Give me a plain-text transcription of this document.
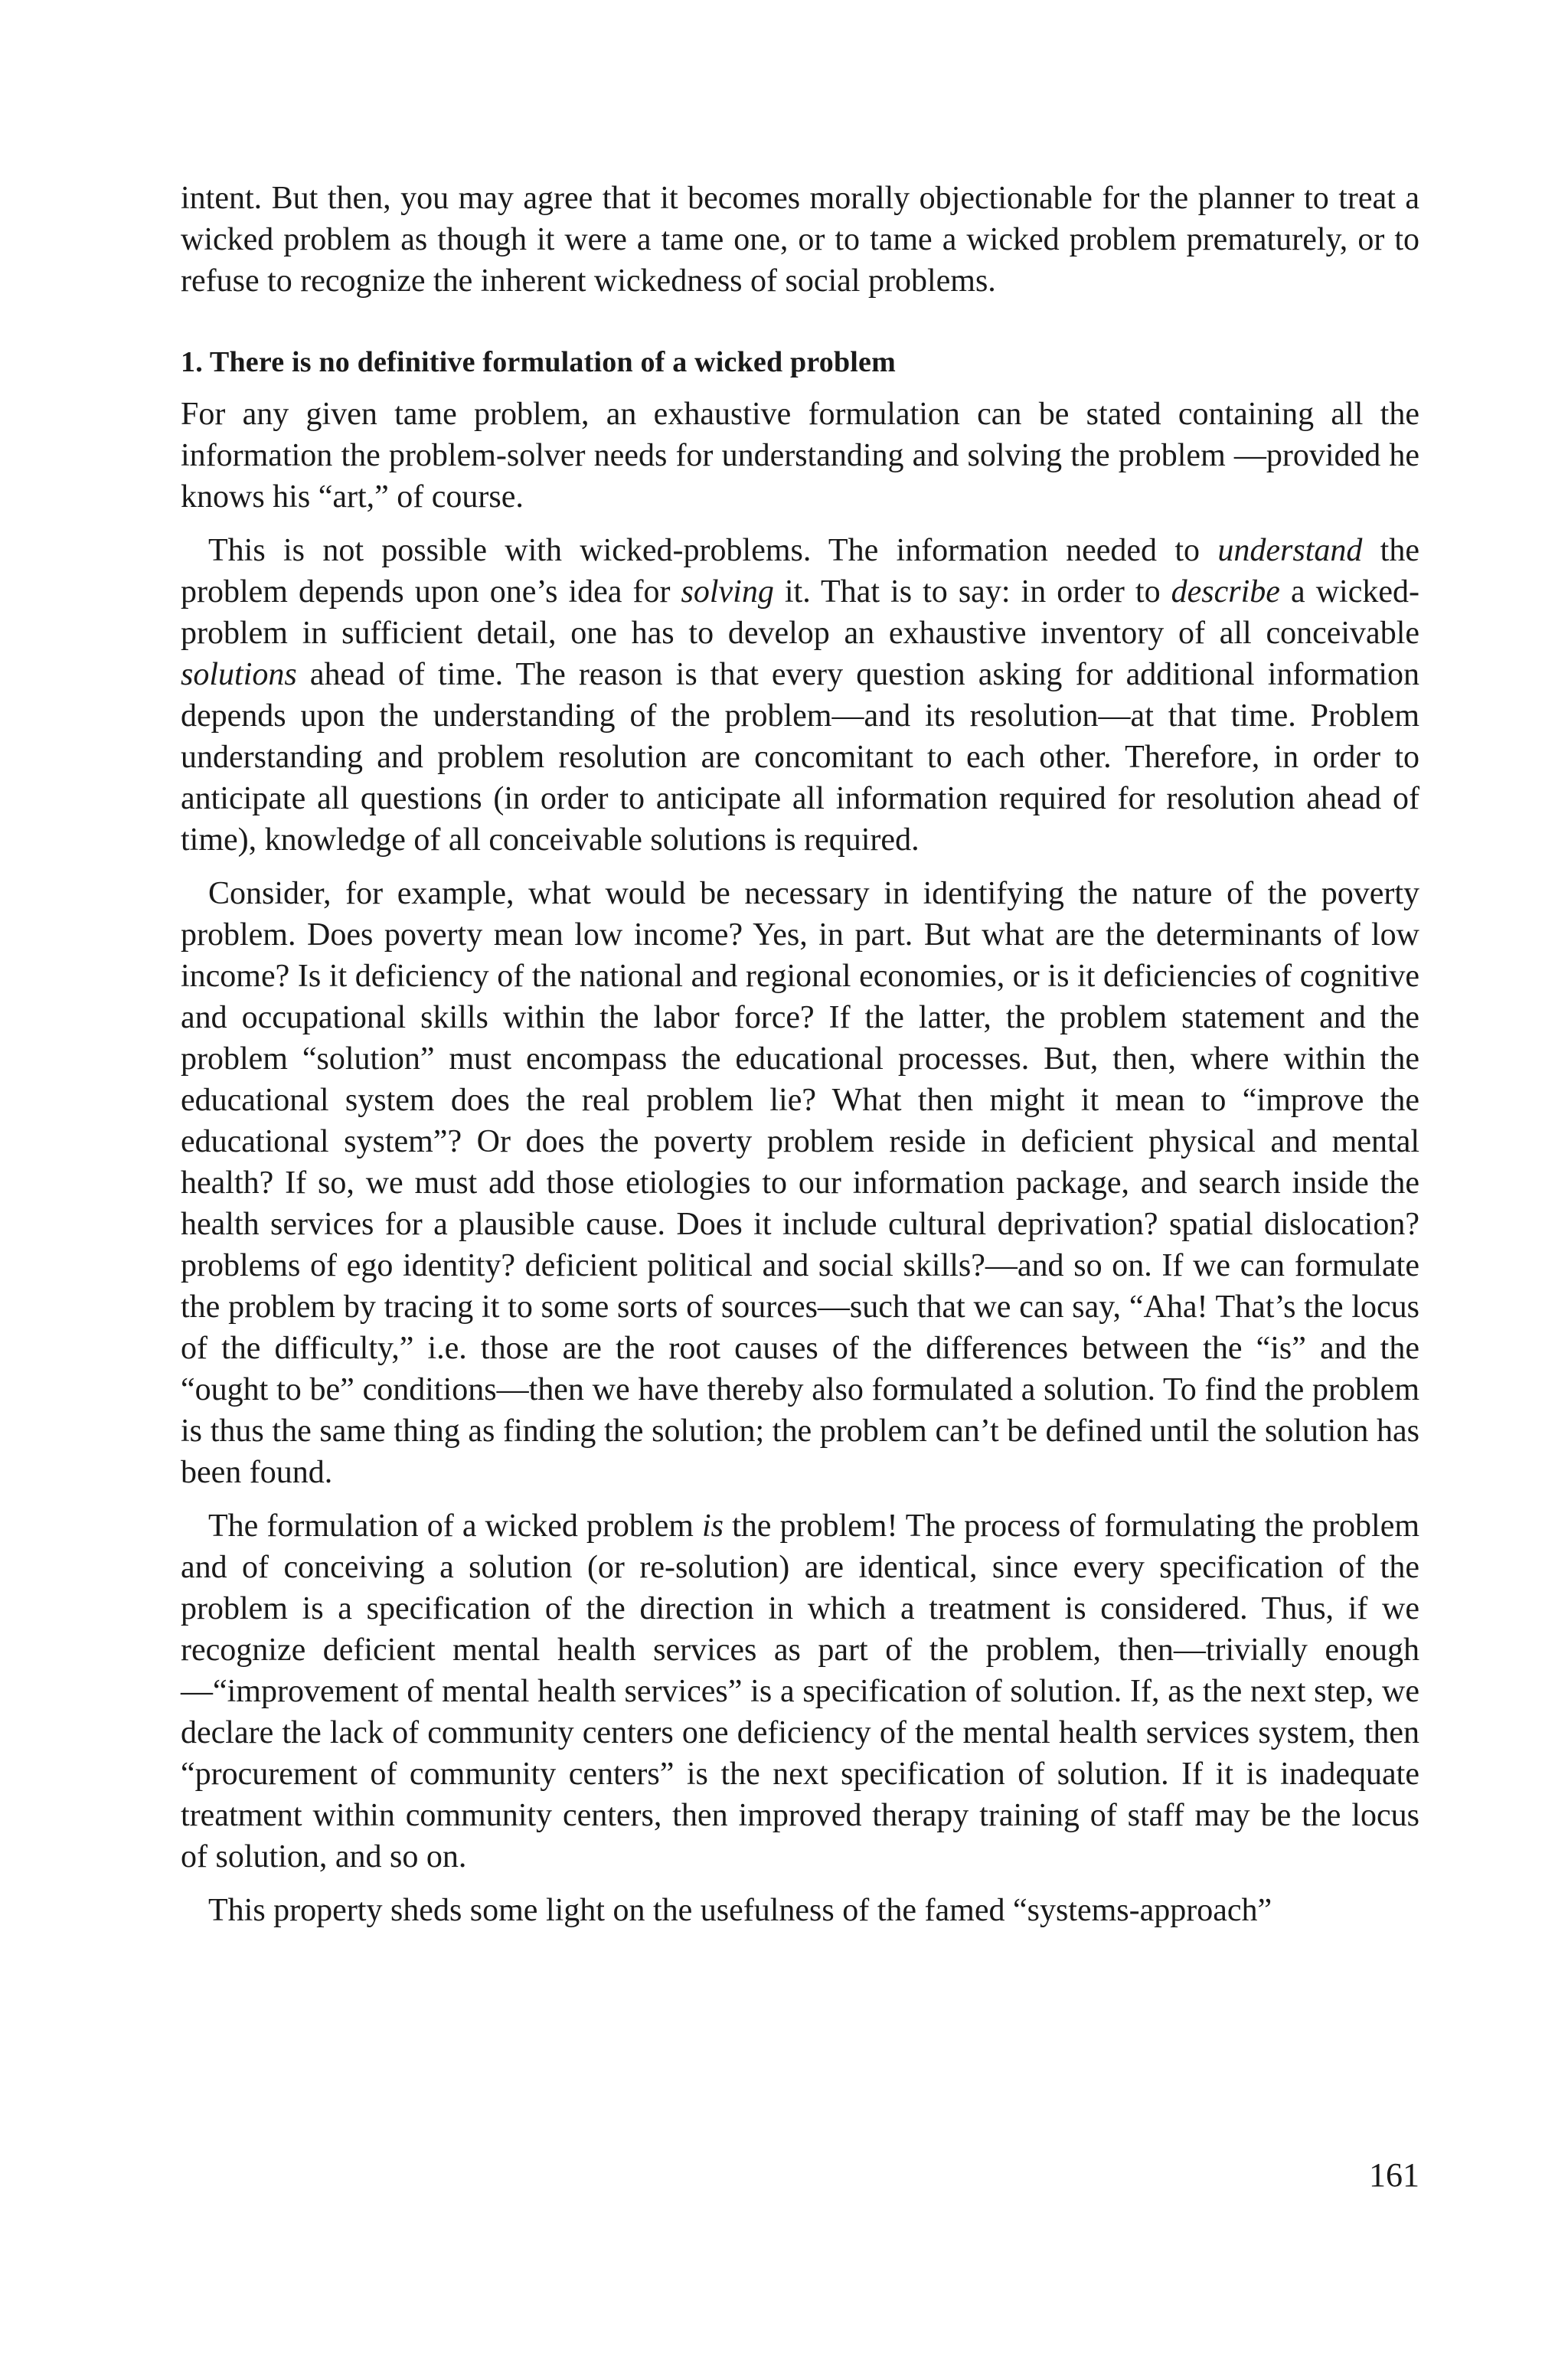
intent. But then, you may agree that it becomes morally objectionable for the planner to treat a wicked problem as though it were a tame one, or to tame a wicked problem prematurely, or to refuse to recognize the inherent wickedness of social problems.

1. There is no definitive formulation of a wicked problem

For any given tame problem, an exhaustive formulation can be stated containing all the information the problem-solver needs for understanding and solving the problem —provided he knows his “art,” of course.

This is not possible with wicked-problems. The information needed to understand the problem depends upon one’s idea for solving it. That is to say: in order to describe a wicked-problem in sufficient detail, one has to develop an exhaustive inventory of all conceivable solutions ahead of time. The reason is that every question asking for additional information depends upon the understanding of the problem—and its resolution—at that time. Problem understanding and problem resolution are concomitant to each other. Therefore, in order to anticipate all questions (in order to anticipate all information required for resolution ahead of time), knowledge of all conceivable solutions is required.

Consider, for example, what would be necessary in identifying the nature of the poverty problem. Does poverty mean low income? Yes, in part. But what are the determinants of low income? Is it deficiency of the national and regional economies, or is it deficiencies of cognitive and occupational skills within the labor force? If the latter, the problem statement and the problem “solution” must encompass the educational processes. But, then, where within the educational system does the real problem lie? What then might it mean to “improve the educational system”? Or does the poverty problem reside in deficient physical and mental health? If so, we must add those etiologies to our information package, and search inside the health services for a plausible cause. Does it include cultural deprivation? spatial dislocation? problems of ego identity? deficient political and social skills?—and so on. If we can formulate the problem by tracing it to some sorts of sources—such that we can say, “Aha! That’s the locus of the difficulty,” i.e. those are the root causes of the differences between the “is” and the “ought to be” conditions—then we have thereby also formulated a solution. To find the problem is thus the same thing as finding the solution; the problem can’t be defined until the solution has been found.

The formulation of a wicked problem is the problem! The process of formulating the problem and of conceiving a solution (or re-solution) are identical, since every specification of the problem is a specification of the direction in which a treatment is considered. Thus, if we recognize deficient mental health services as part of the problem, then—trivially enough—“improvement of mental health services” is a specification of solution. If, as the next step, we declare the lack of community centers one deficiency of the mental health services system, then “procurement of community centers” is the next specification of solution. If it is inadequate treatment within community centers, then improved therapy training of staff may be the locus of solution, and so on.

This property sheds some light on the usefulness of the famed “systems-approach”

161
